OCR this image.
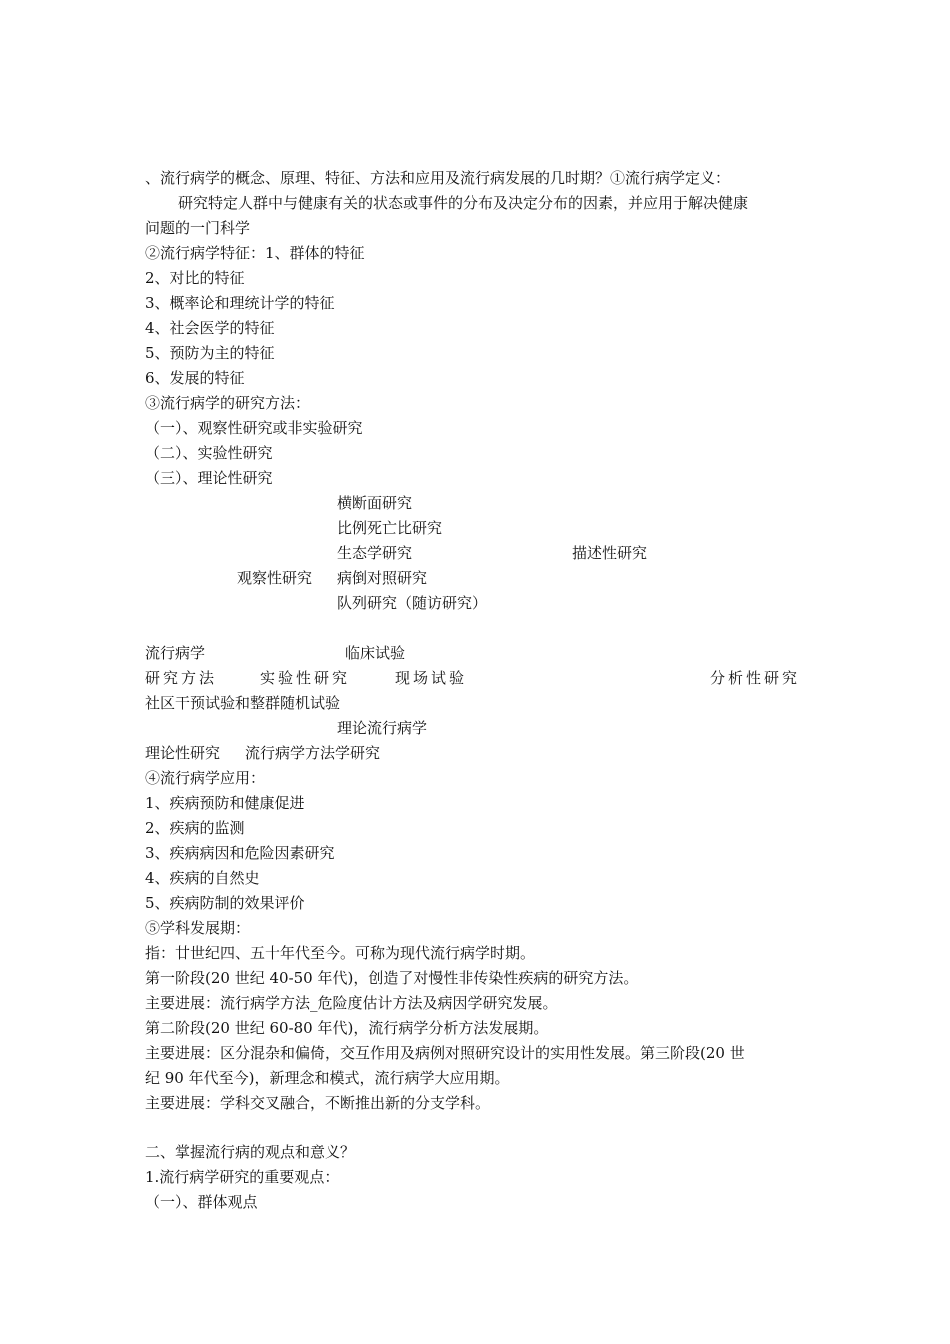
、流行病学的概念、原理、特征、方法和应用及流行病发展的几时期？①流行病学定义：
研究特定人群中与健康有关的状态或事件的分布及决定分布的因素，并应用于解决健康
问题的一门科学
②流行病学特征：1、群体的特征
2、对比的特征
3、概率论和理统计学的特征
4、社会医学的特征
5、预防为主的特征
6、发展的特征
③流行病学的研究方法：
（一）、观察性研究或非实验研究
（二）、实验性研究
（三）、理论性研究
横断面研究
比例死亡比研究
生态学研究	描述性研究
观察性研究 病倒对照研究
队列研究（随访研究）
流行病学	临床试验
研究方法	实验性研究	现场试验	分析性研究
社区干预试验和整群随机试验
理论流行病学
理论性研究 流行病学方法学研究
④流行病学应用：
1、疾病预防和健康促进
2、疾病的监测
3、疾病病因和危险因素研究
4、疾病的自然史
5、疾病防制的效果评价
⑤学科发展期：
指：廿世纪四、五十年代至今。可称为现代流行病学时期。
第一阶段(20 世纪 40-50 年代)，创造了对慢性非传染性疾病的研究方法。
主要进展：流行病学方法_危险度估计方法及病因学研究发展。
第二阶段(20 世纪 60-80 年代)，流行病学分析方法发展期。
主要进展：区分混杂和偏倚，交互作用及病例对照研究设计的实用性发展。第三阶段(20 世
纪 90 年代至今)，新理念和模式，流行病学大应用期。
主要进展：学科交叉融合，不断推出新的分支学科。
二、掌握流行病的观点和意义？
1.流行病学研究的重要观点：
（一）、群体观点
